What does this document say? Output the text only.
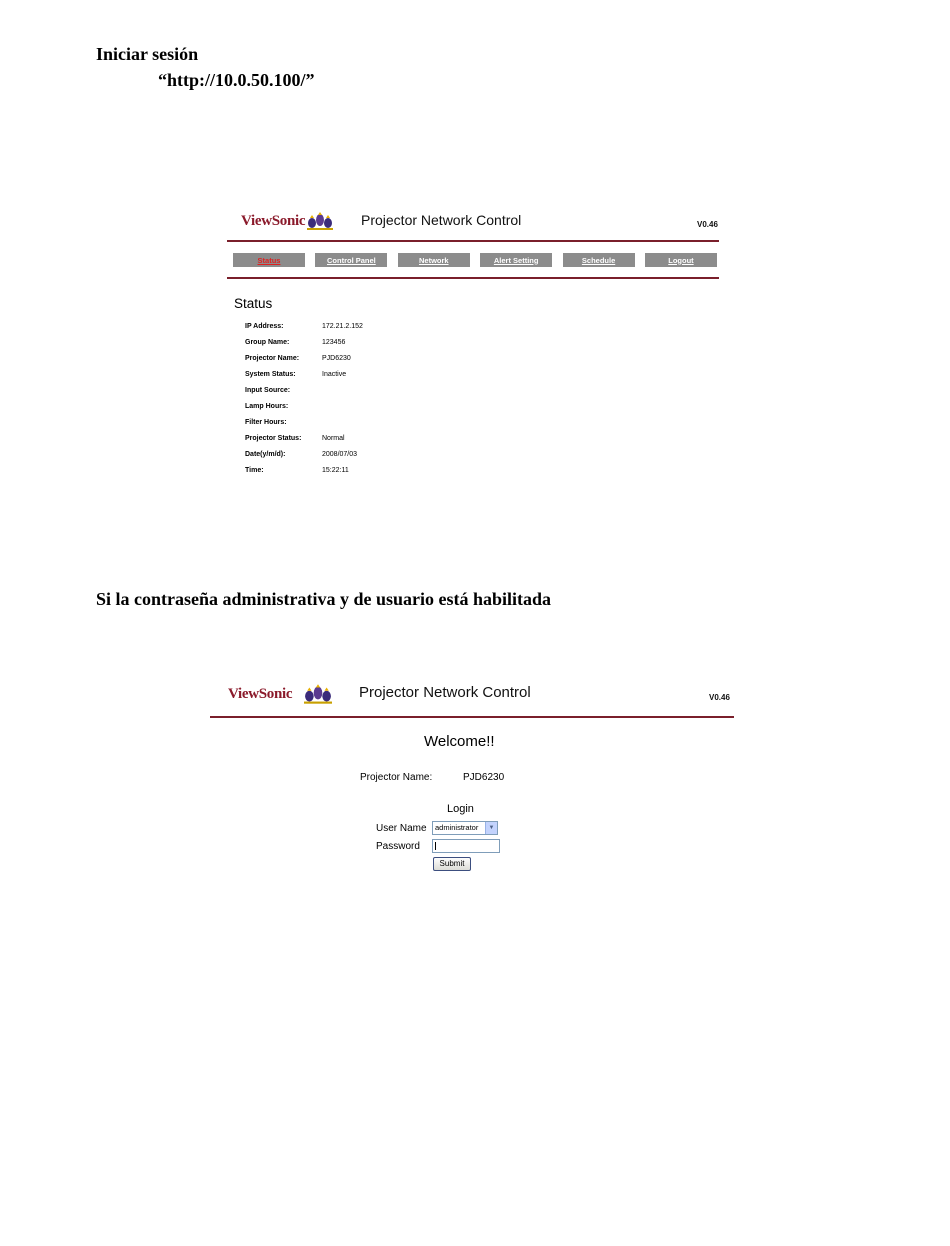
Iniciar sesión
“http://10.0.50.100/”
ViewSonic	Projector Network Control	V0.46
Status	Control Panel	Network	Alert Setting	Schedule	Logout
Status
IP Address:	172.21.2.152
Group Name:	123456
Projector Name:	PJD6230
System Status:	Inactive
Input Source:
Lamp Hours:
Filter Hours:
Projector Status:	Normal
Date(y/m/d):	2008/07/03
Time:	15:22:11
Si la contraseña administrativa y de usuario está habilitada
ViewSonic	Projector Network Control	V0.46
Welcome!!
Projector Name:	PJD6230
Login
User Name	administrator	▼
Password
Submit
